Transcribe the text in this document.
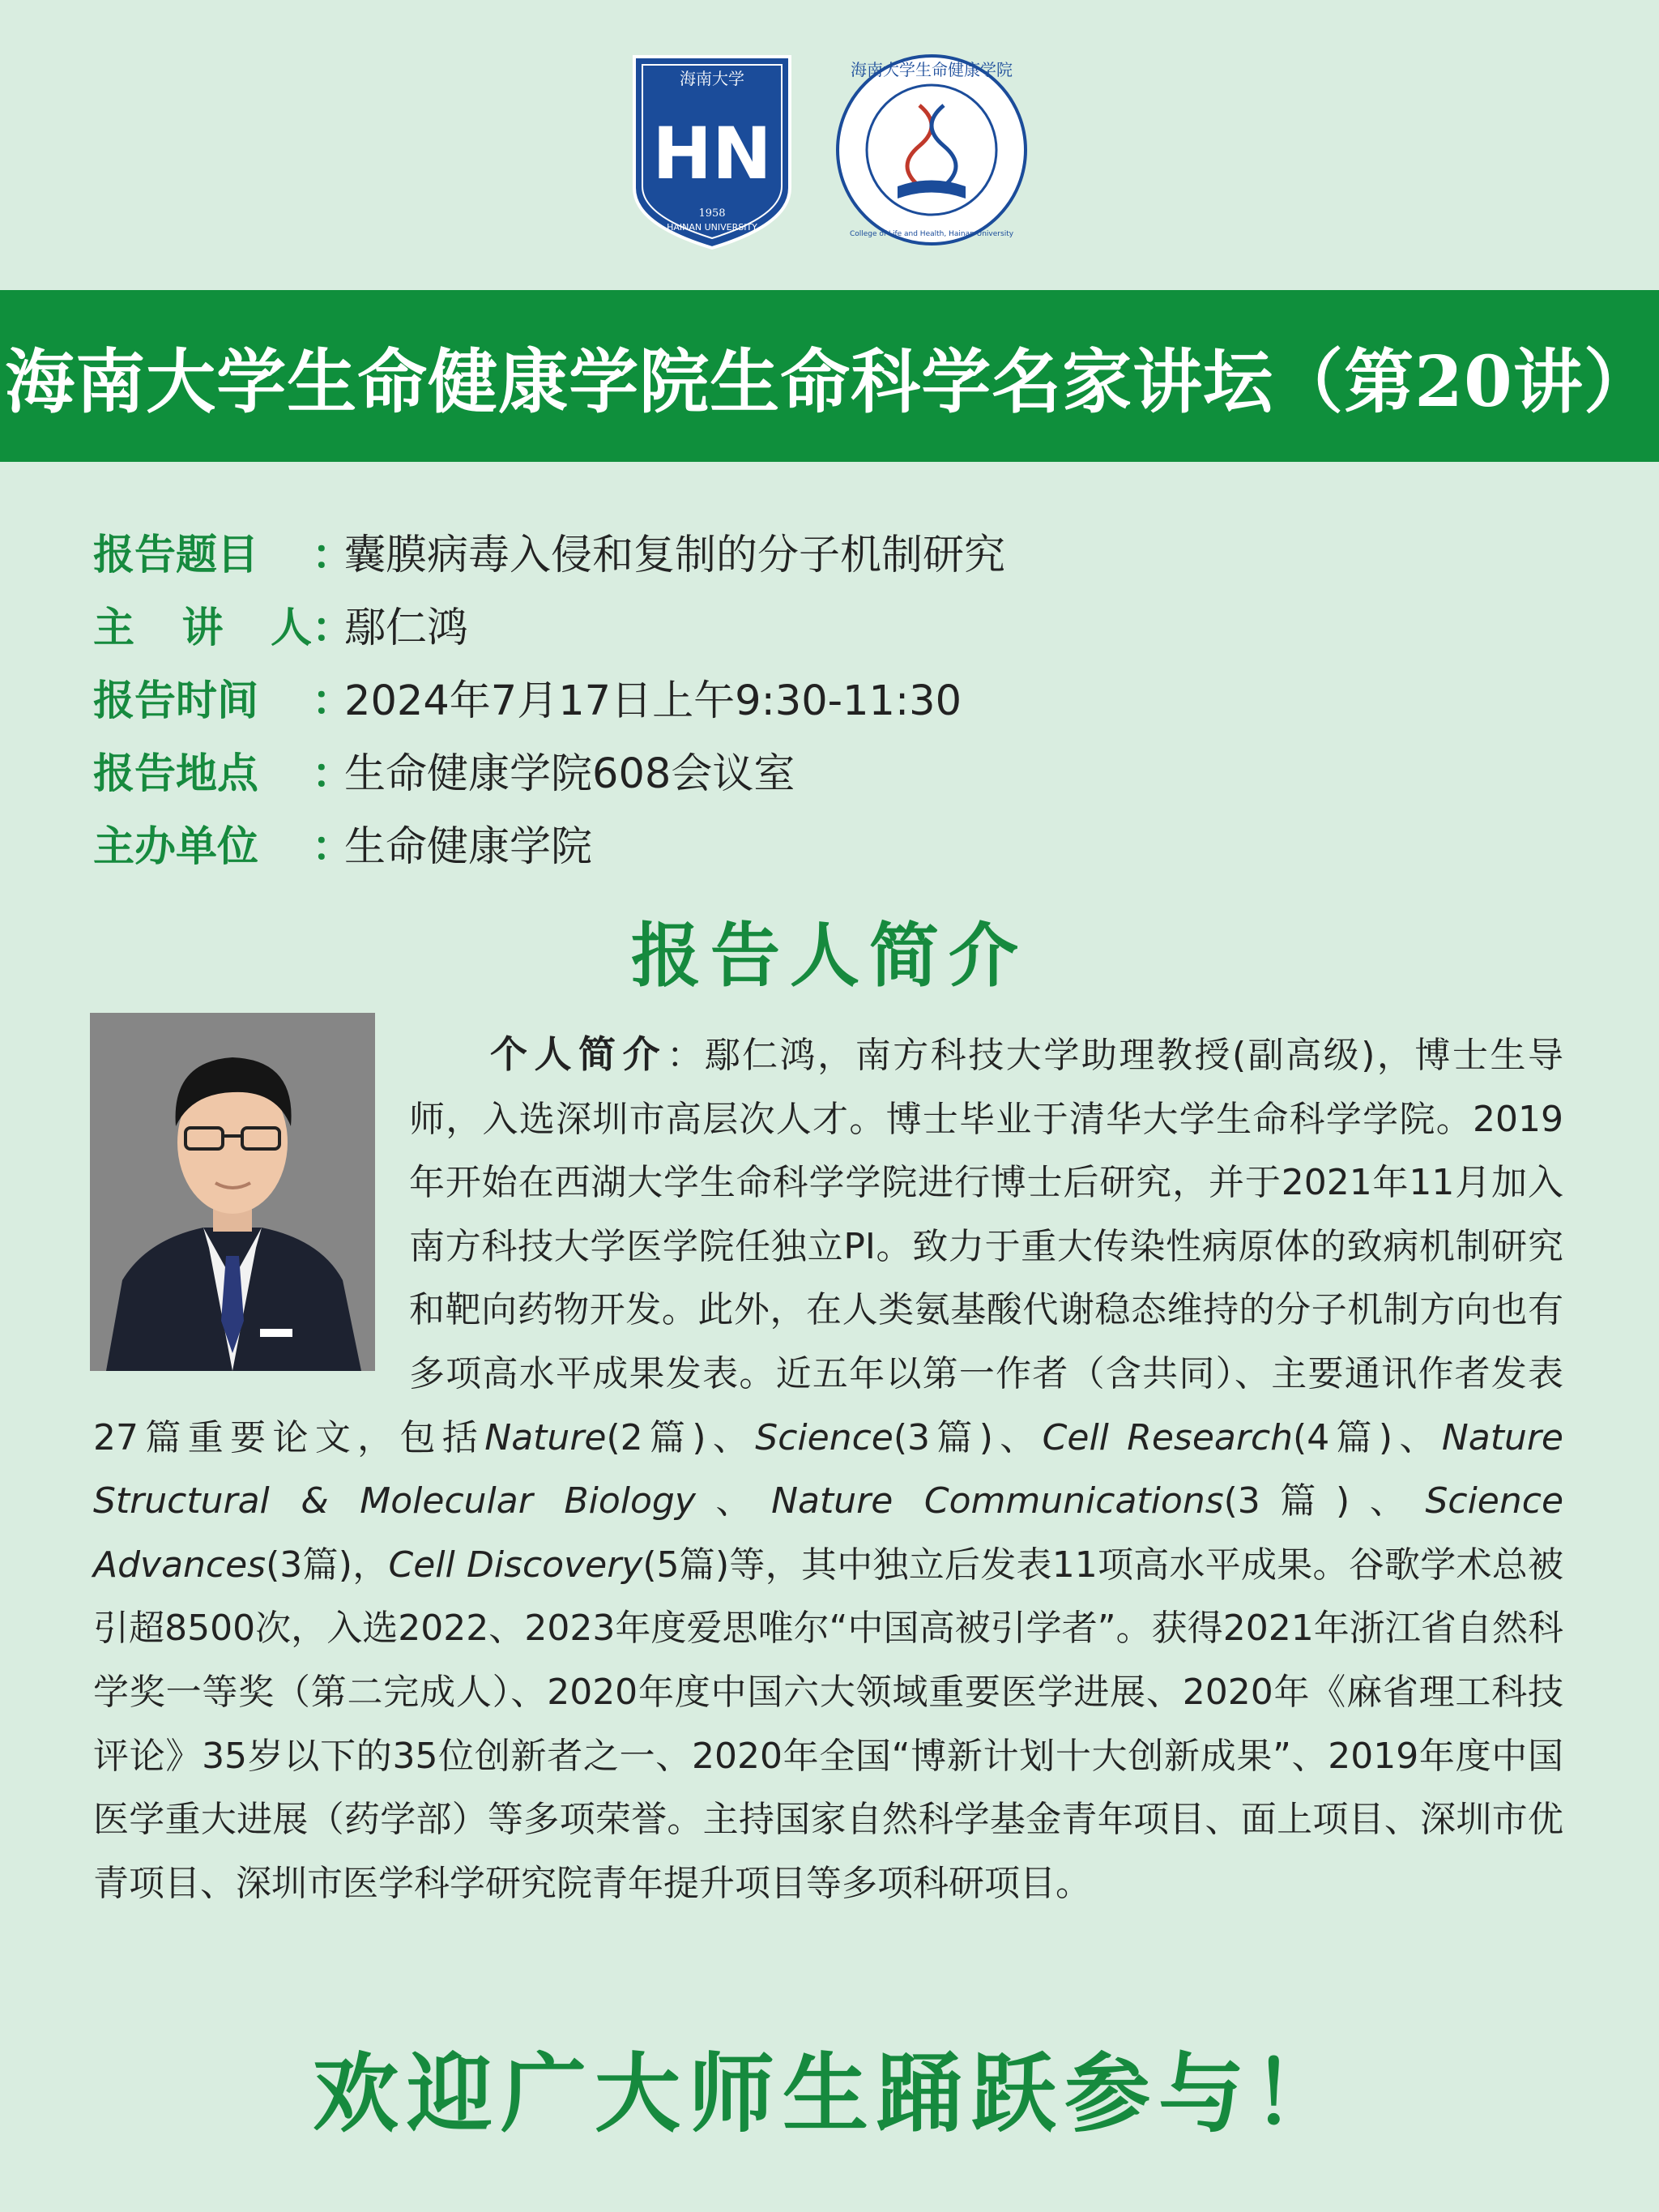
海南大学
HN
1958
HAINAN UNIVERSITY
海南大学生命健康学院
College of Life and Health, Hainan University
海南大学生命健康学院生命科学名家讲坛（第20讲）
报告题目	：
囊膜病毒入侵和复制的分子机制研究
主 讲 人 ：
鄢仁鸿
报告时间	：
2024年7月17日上午9:30-11:30
报告地点	：
生命健康学院608会议室
主办单位	：
生命健康学院
报告人简介
个人简介：鄢仁鸿，南方科技大学助理教授(副高级)，博士生导师，入选深圳市高层次人才。博士毕业于清华大学生命科学学院。2019年开始在西湖大学生命科学学院进行博士后研究，并于2021年11月加入南方科技大学医学院任独立PI。致力于重大传染性病原体的致病机制研究和靶向药物开发。此外，在人类氨基酸代谢稳态维持的分子机制方向也有多项高水平成果发表。近五年以第一作者（含共同）、主要通讯作者发表27篇重要论文，包括Nature(2篇)、Science(3篇)、Cell Research(4篇)、Nature Structural & Molecular Biology、Nature Communications(3篇)、Science Advances(3篇)，Cell Discovery(5篇)等，其中独立后发表11项高水平成果。谷歌学术总被引超8500次，入选2022、2023年度爱思唯尔“中国高被引学者”。获得2021年浙江省自然科学奖一等奖（第二完成人）、2020年度中国六大领域重要医学进展、2020年《麻省理工科技评论》35岁以下的35位创新者之一、2020年全国“博新计划十大创新成果”、2019年度中国医学重大进展（药学部）等多项荣誉。主持国家自然科学基金青年项目、面上项目、深圳市优青项目、深圳市医学科学研究院青年提升项目等多项科研项目。
欢迎广大师生踊跃参与！
